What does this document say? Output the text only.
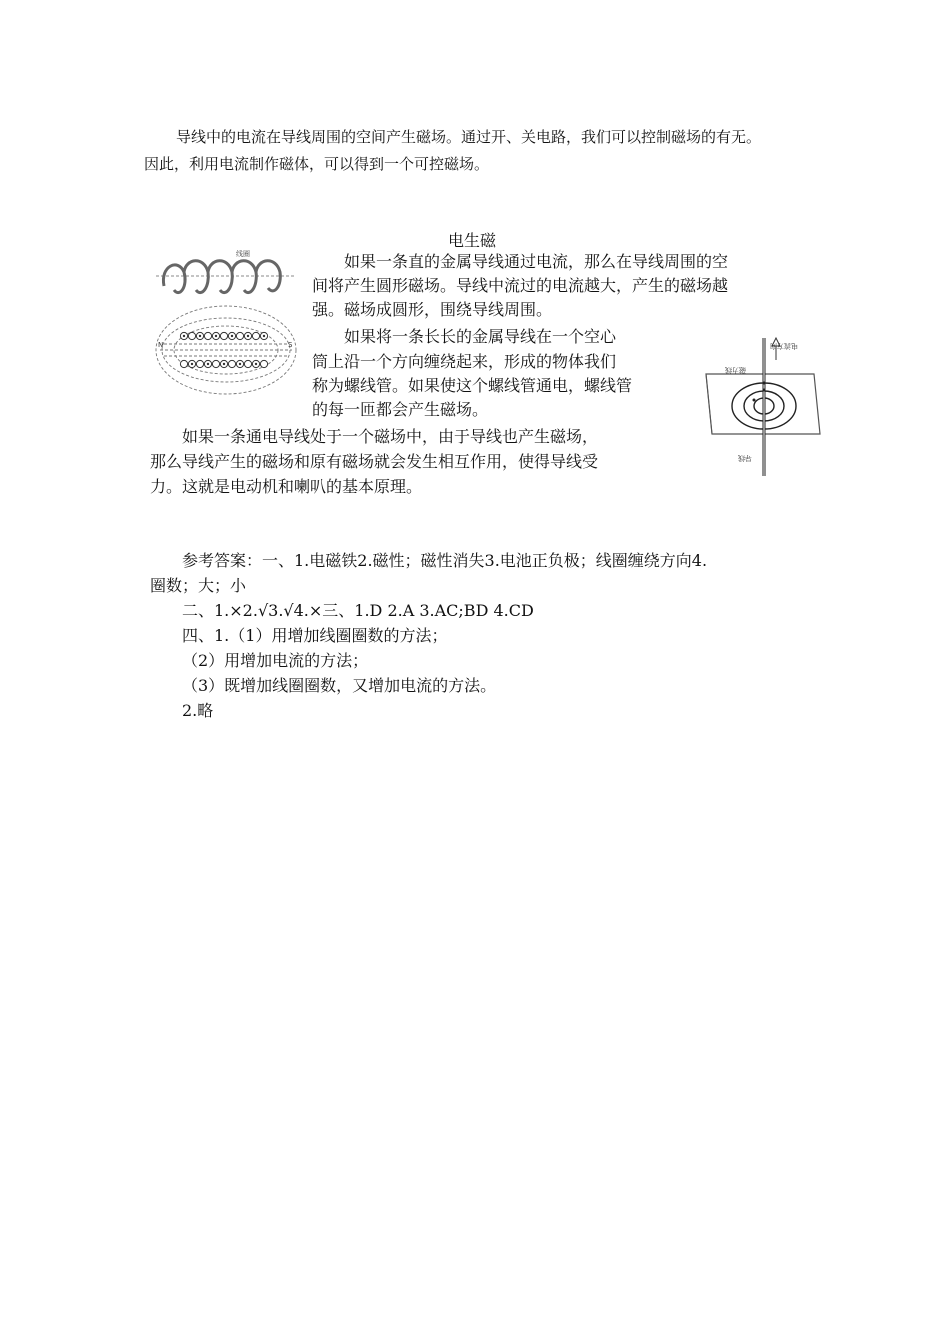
导线中的电流在导线周围的空间产生磁场。通过开、关电路，我们可以控制磁场的有无。
因此，利用电流制作磁体，可以得到一个可控磁场。
电生磁
线圈
N	S
如果一条直的金属导线通过电流，那么在导线周围的空
间将产生圆形磁场。导线中流过的电流越大，产生的磁场越
强。磁场成圆形，围绕导线周围。
如果将一条长长的金属导线在一个空心
筒上沿一个方向缠绕起来，形成的物体我们
称为螺线管。如果使这个螺线管通电，螺线管
的每一匝都会产生磁场。
电流方向
磁力线
导线
如果一条通电导线处于一个磁场中，由于导线也产生磁场，
那么导线产生的磁场和原有磁场就会发生相互作用，使得导线受
力。这就是电动机和喇叭的基本原理。
参考答案：一、1.电磁铁2.磁性；磁性消失3.电池正负极；线圈缠绕方向4.
圈数；大；小
二、1.×2.√3.√4.×三、1.D 2.A 3.AC;BD 4.CD
四、1.（1）用增加线圈圈数的方法；
（2）用增加电流的方法；
（3）既增加线圈圈数，又增加电流的方法。
2.略
